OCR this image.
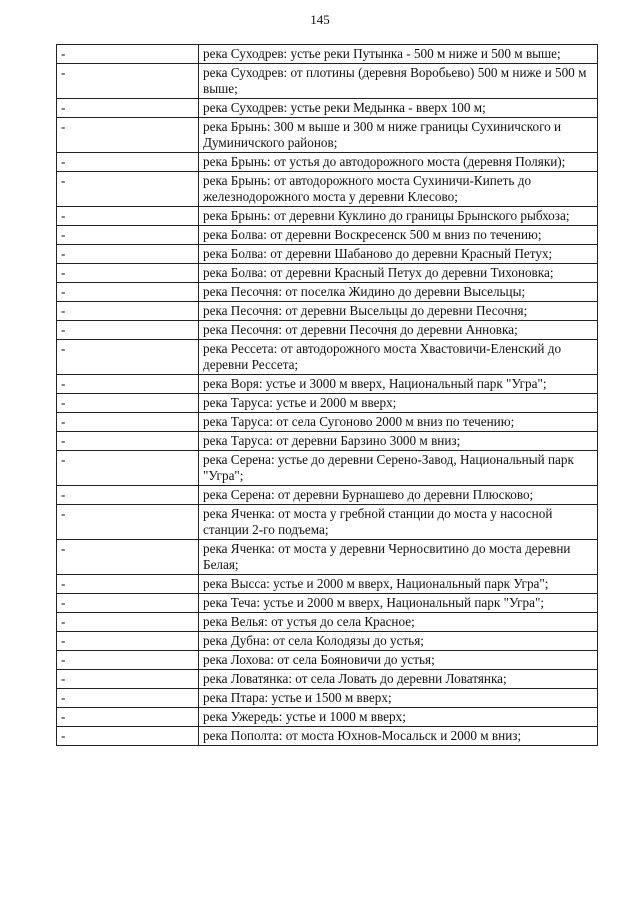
145
-	река Суходрев: устье реки Путынка - 500 м ниже и 500 м выше;
-	река Суходрев: от плотины (деревня Воробьево) 500 м ниже и 500 м выше;
-	река Суходрев: устье реки Медынка - вверх 100 м;
-	река Брынь: 300 м выше и 300 м ниже границы Сухиничского и Думиничского районов;
-	река Брынь: от устья до автодорожного моста (деревня Поляки);
-	река Брынь: от автодорожного моста Сухиничи-Кипеть до железнодорожного моста у деревни Клесово;
-	река Брынь: от деревни Куклино до границы Брынского рыбхоза;
-	река Болва: от деревни Воскресенск 500 м вниз по течению;
-	река Болва: от деревни Шабаново до деревни Красный Петух;
-	река Болва: от деревни Красный Петух до деревни Тихоновка;
-	река Песочня: от поселка Жидино до деревни Высельцы;
-	река Песочня: от деревни Высельцы до деревни Песочня;
-	река Песочня: от деревни Песочня до деревни Анновка;
-	река Рессета: от автодорожного моста Хвастовичи-Еленский до деревни Рессета;
-	река Воря: устье и 3000 м вверх, Национальный парк "Угра";
-	река Таруса: устье и 2000 м вверх;
-	река Таруса: от села Сугоново 2000 м вниз по течению;
-	река Таруса: от деревни Барзино 3000 м вниз;
-	река Серена: устье до деревни Серено-Завод, Национальный парк "Угра";
-	река Серена: от деревни Бурнашево до деревни Плюсково;
-	река Ячeнка: от моста у гребной станции до моста у насосной станции 2-го подъема;
-	река Ячeнка: от моста у деревни Черносвитино до моста деревни Белая;
-	река Высса: устье и 2000 м вверх, Национальный парк Угра";
-	река Теча: устье и 2000 м вверх, Национальный парк "Угра";
-	река Велья: от устья до села Красное;
-	река Дубна: от села Колодязы до устья;
-	река Лохова: от села Бояновичи до устья;
-	река Ловатянка: от села Ловать до деревни Ловатянка;
-	река Птара: устье и 1500 м вверх;
-	река Ужередь: устье и 1000 м вверх;
-	река Пополта: от моста Юхнов-Мосальск и 2000 м вниз;
